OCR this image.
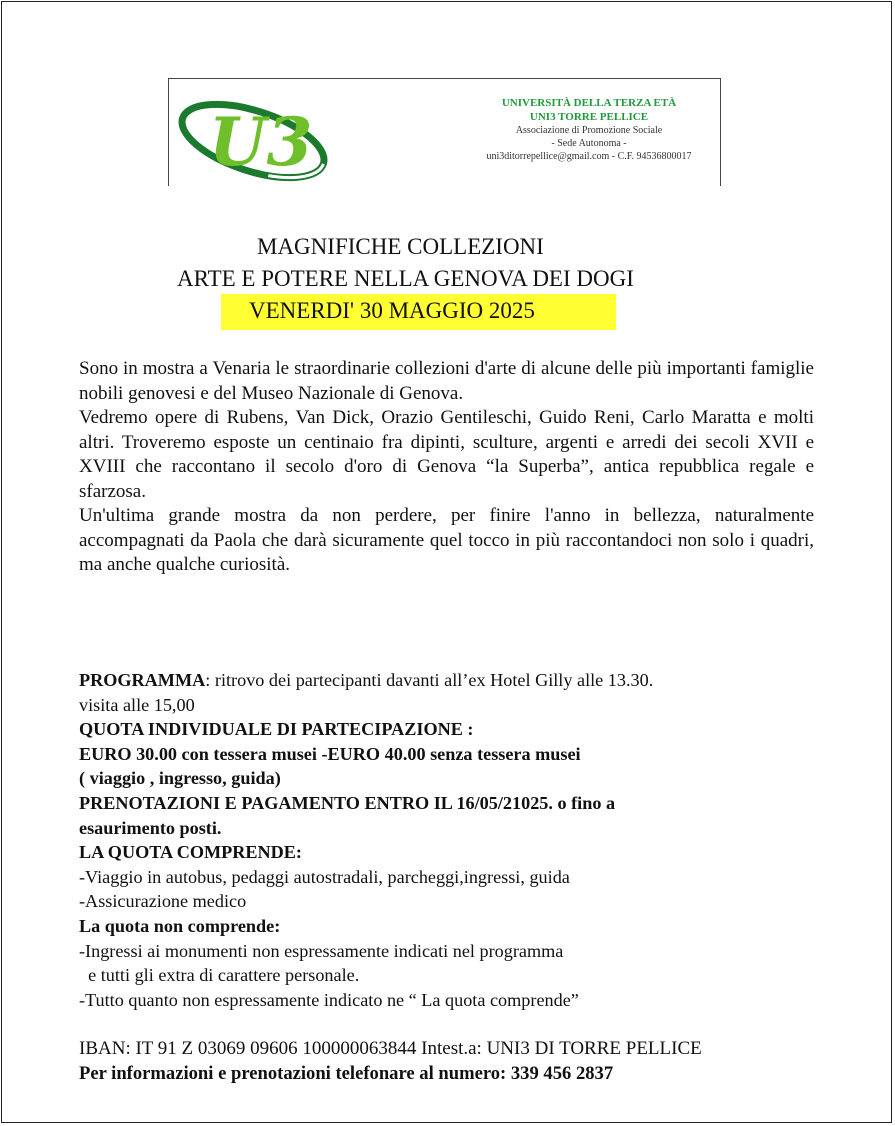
U3	UNIVERSITÀ DELLA TERZA ETÀ
UNI3 TORRE PELLICE
Associazione di Promozione Sociale
- Sede Autonoma -
uni3ditorrepellice@gmail.com - C.F. 94536800017
MAGNIFICHE COLLEZIONI
ARTE E POTERE NELLA GENOVA DEI DOGI
VENERDI' 30 MAGGIO 2025

Sono in mostra a Venaria le straordinarie collezioni d'arte di alcune delle più importanti famiglie nobili genovesi e del Museo Nazionale di Genova.

Vedremo opere di Rubens, Van Dick, Orazio Gentileschi, Guido Reni, Carlo Maratta e molti altri. Troveremo esposte un centinaio fra dipinti, sculture, argenti e arredi dei secoli XVII e XVIII che raccontano il secolo d'oro di Genova “la Superba”, antica repubblica regale e sfarzosa.

Un'ultima grande mostra da non perdere, per finire l'anno in bellezza, naturalmente accompagnati da Paola che darà sicuramente quel tocco in più raccontandoci non solo i quadri, ma anche qualche curiosità.

PROGRAMMA: ritrovo dei partecipanti davanti all’ex Hotel Gilly alle 13.30.
visita alle 15,00
QUOTA INDIVIDUALE DI PARTECIPAZIONE :
EURO 30.00 con tessera musei -EURO 40.00 senza tessera musei
( viaggio , ingresso, guida)
PRENOTAZIONI E PAGAMENTO ENTRO IL 16/05/21025. o fino a
esaurimento posti.
LA QUOTA COMPRENDE:
-Viaggio in autobus, pedaggi autostradali, parcheggi,ingressi, guida
-Assicurazione medico
La quota non comprende:
-Ingressi ai monumenti non espressamente indicati nel programma
e tutti gli extra di carattere personale.
-Tutto quanto non espressamente indicato ne “ La quota comprende”
IBAN: IT 91 Z 03069 09606 100000063844 Intest.a: UNI3 DI TORRE PELLICE
Per informazioni e prenotazioni telefonare al numero: 339 456 2837
